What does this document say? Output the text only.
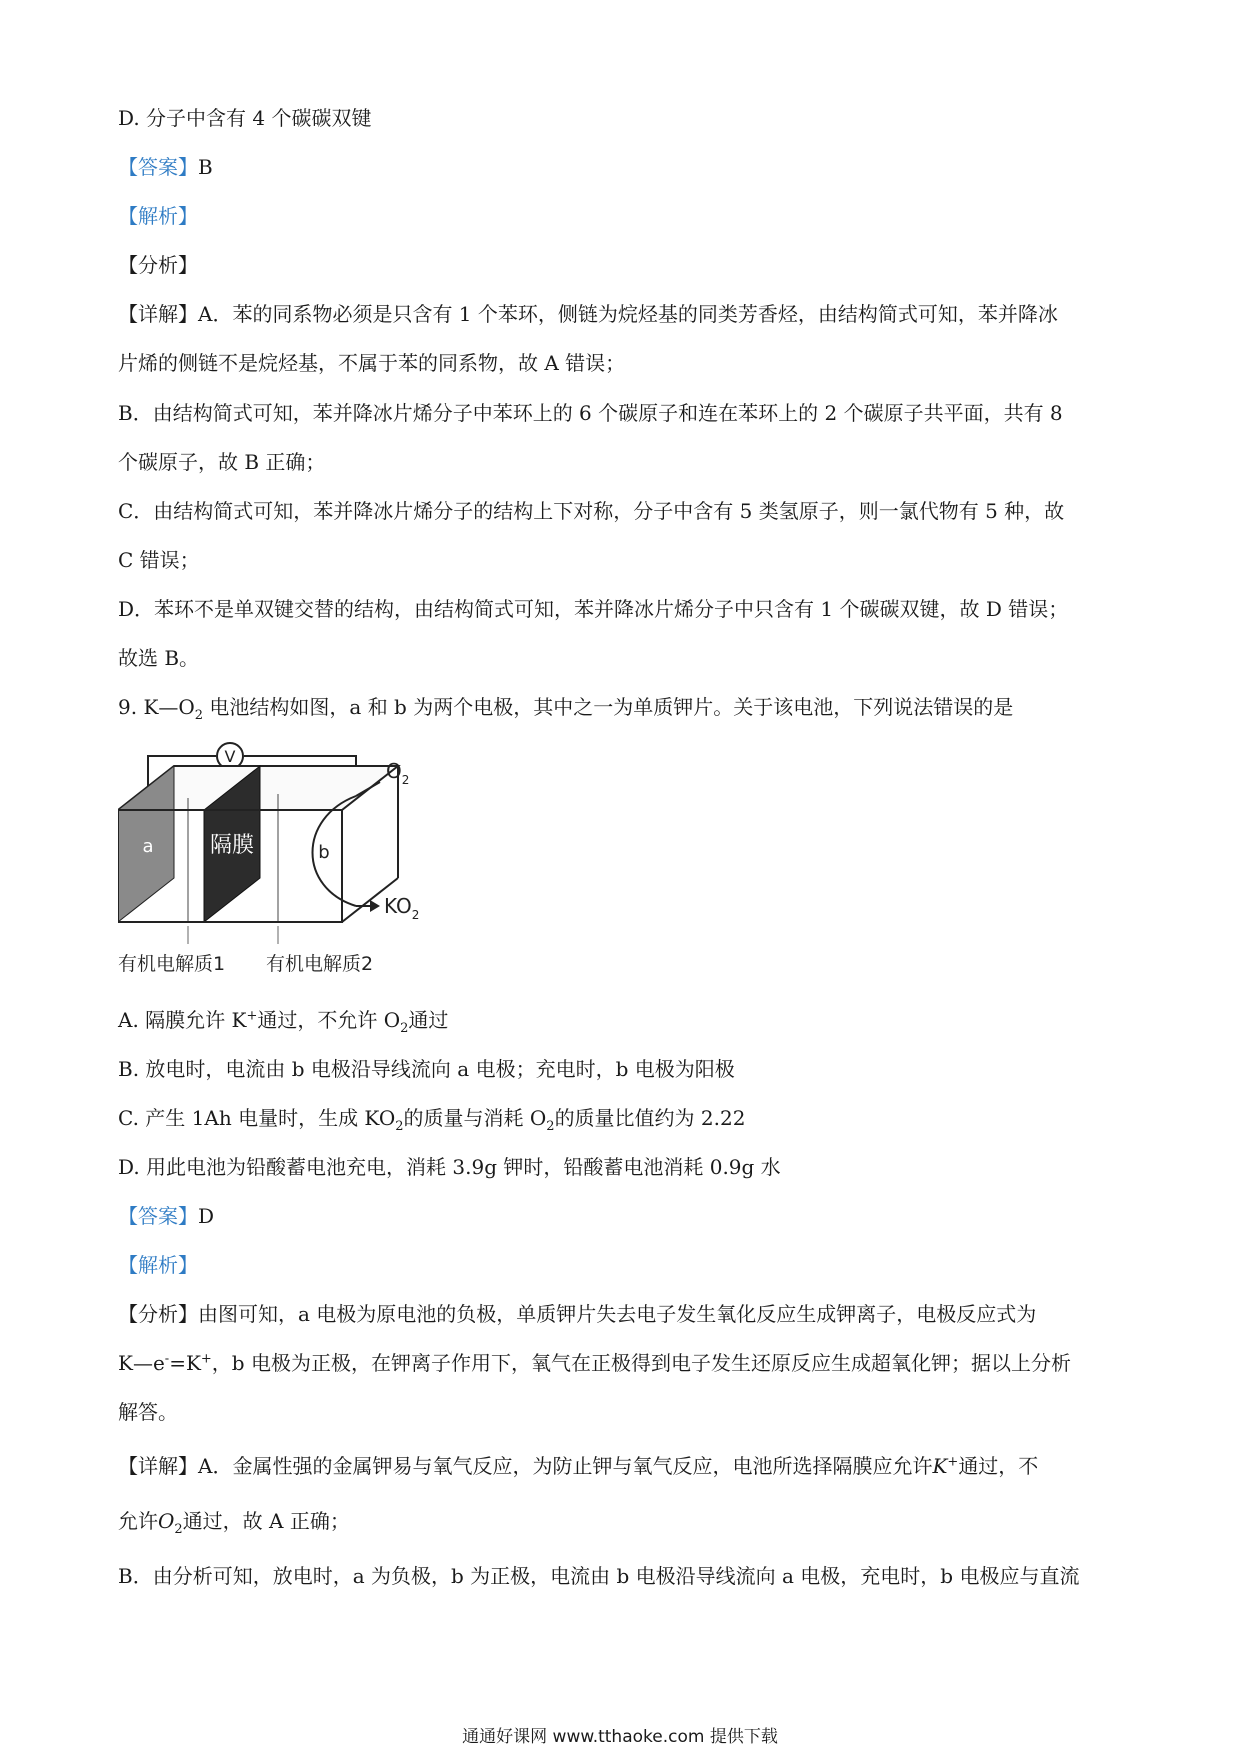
D. 分子中含有 4 个碳碳双键
【答案】B
【解析】
【分析】
【详解】A．苯的同系物必须是只含有 1 个苯环，侧链为烷烃基的同类芳香烃，由结构简式可知，苯并降冰
片烯的侧链不是烷烃基，不属于苯的同系物，故 A 错误；
B．由结构简式可知，苯并降冰片烯分子中苯环上的 6 个碳原子和连在苯环上的 2 个碳原子共平面，共有 8
个碳原子，故 B 正确；
C．由结构简式可知，苯并降冰片烯分子的结构上下对称，分子中含有 5 类氢原子，则一氯代物有 5 种，故
C 错误；
D．苯环不是单双键交替的结构，由结构简式可知，苯并降冰片烯分子中只含有 1 个碳碳双键，故 D 错误；
故选 B。
9. $K—O_2$ 电池结构如图，a 和 b 为两个电极，其中之一为单质钾片。关于该电池，下列说法错误的是
V
a	隔膜	b
$O_2$
$KO_2$
有机电解质1 有机电解质2
A. 隔膜允许 K+通过，不允许 $O_2$通过
B. 放电时，电流由 b 电极沿导线流向 a 电极；充电时，b 电极为阳极
C. 产生 1Ah 电量时，生成 $KO_2$的质量与消耗 $O_2$的质量比值约为 2.22
D. 用此电池为铅酸蓄电池充电，消耗 3.9g 钾时，铅酸蓄电池消耗 0.9g 水
【答案】D
【解析】
【分析】由图可知，a 电极为原电池的负极，单质钾片失去电子发生氧化反应生成钾离子，电极反应式为
K—e-=K+，b 电极为正极，在钾离子作用下，氧气在正极得到电子发生还原反应生成超氧化钾；据以上分析
解答。
【详解】A．金属性强的金属钾易与氧气反应，为防止钾与氧气反应，电池所选择隔膜应允许K+通过，不
允许$O_2$通过，故 A 正确；
B．由分析可知，放电时，a 为负极，b 为正极，电流由 b 电极沿导线流向 a 电极，充电时，b 电极应与直流
通通好课网 www.tthaoke.com 提供下载
